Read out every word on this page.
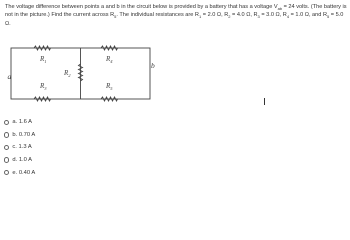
The voltage difference between points a and b in the circuit below is provided by a battery that has a voltage $V_{ab} = 24$ volts. (The battery is not in the picture.) Find the current across $R_5$. The individual resistances are $R_1 = 2.0$ Ω, $R_2 = 4.0$ Ω, $R_3 = 3.0$ Ω, $R_4 = 1.0$ Ω, and $R_5 = 5.0$ Ω.
a
b
$R_1$	$R_4$
$R_2$
$R_3$	$R_5$
a. 1.6 A
b. 0.70 A
c. 1.3 A
d. 1.0 A
e. 0.40 A
